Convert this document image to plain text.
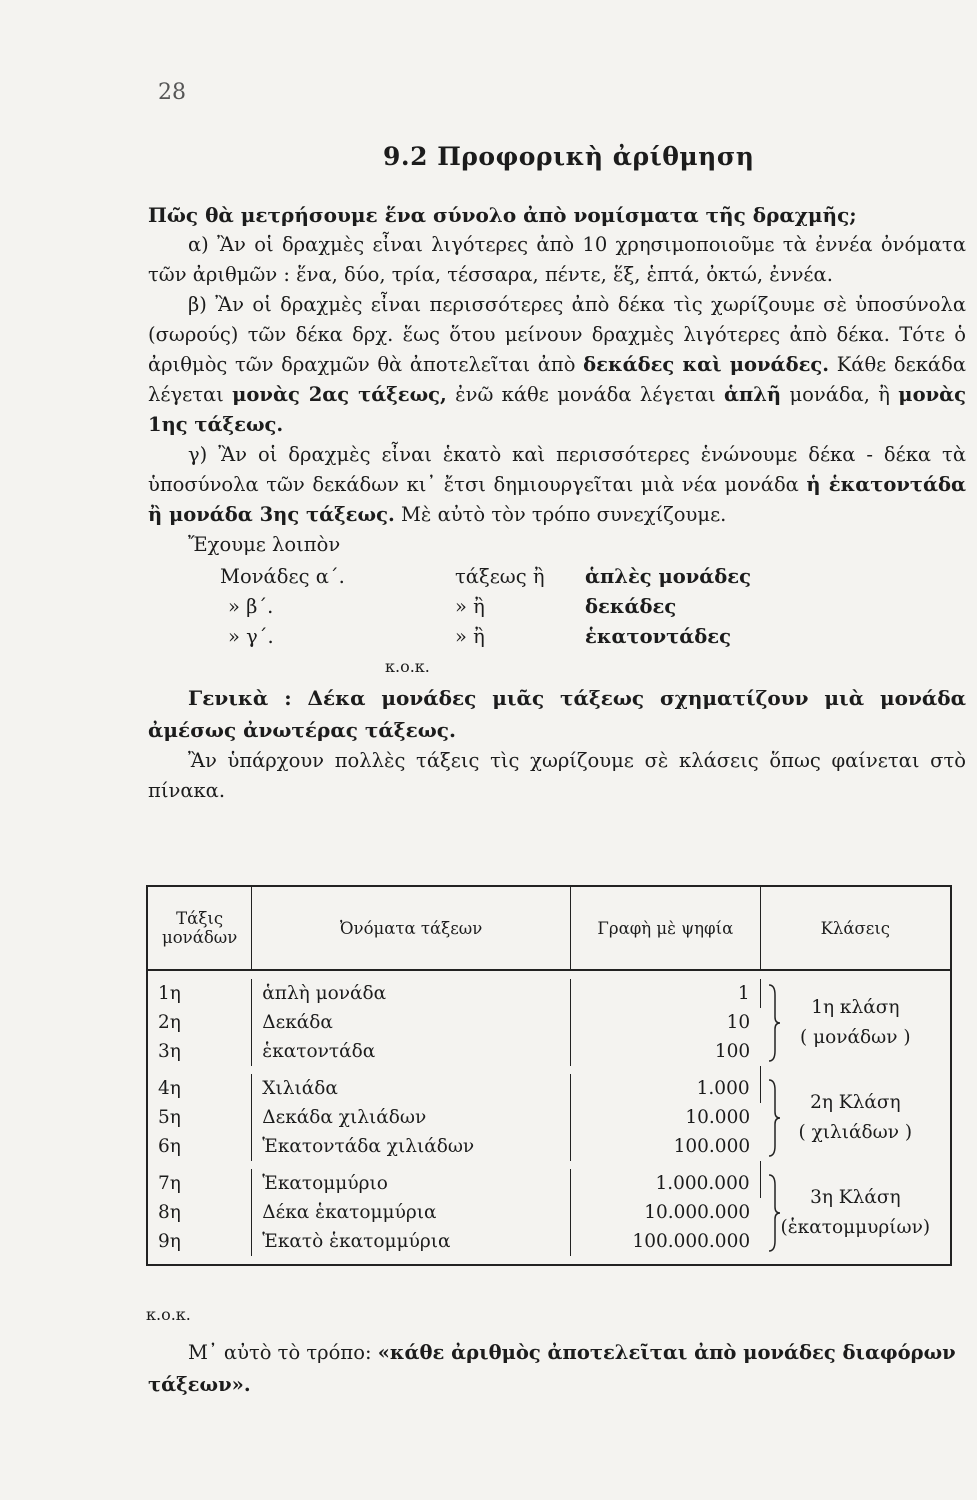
28
9.2 Προφορικὴ ἀρίθμηση

Πῶς θὰ μετρήσουμε ἕνα σύνολο ἀπὸ νομίσματα τῆς δραχμῆς;

α) Ἂν οἱ δραχμὲς εἶναι λιγότερες ἀπὸ 10 χρησιμοποιοῦμε τὰ ἐννέα ὀνόματα τῶν ἀριθμῶν : ἕνα, δύο, τρία, τέσσαρα, πέντε, ἕξ, ἑπτά, ὀκτώ, ἐννέα.

β) Ἂν οἱ δραχμὲς εἶναι περισσότερες ἀπὸ δέκα τὶς χωρίζουμε σὲ ὑποσύνολα (σωρούς) τῶν δέκα δρχ. ἕως ὅτου μείνουν δραχμὲς λιγότερες ἀπὸ δέκα. Τότε ὁ ἀριθμὸς τῶν δραχμῶν θὰ ἀποτελεῖται ἀπὸ δεκάδες καὶ μονάδες. Κάθε δεκάδα λέγεται μονὰς 2ας τάξεως, ἐνῶ κάθε μονάδα λέγεται ἁπλῆ μονάδα, ἢ μονὰς 1ης τάξεως.

γ) Ἂν οἱ δραχμὲς εἶναι ἑκατὸ καὶ περισσότερες ἑνώνουμε δέκα - δέκα τὰ ὑποσύνολα τῶν δεκάδων κι᾽ ἔτσι δημιουργεῖται μιὰ νέα μονάδα ἡ ἑκατοντάδα ἢ μονάδα 3ης τάξεως. Μὲ αὐτὸ τὸν τρόπο συνεχίζουμε.

Ἔχουμε λοιπὸν

Μονάδες α΄.	τάξεως ἢ	ἁπλὲς μονάδες
» β΄.	» ἢ	δεκάδες
» γ΄.	» ἢ	ἑκατοντάδες
κ.ο.κ.

Γενικὰ : Δέκα μονάδες μιᾶς τάξεως σχηματίζουν μιὰ μονάδα ἀμέσως ἀνωτέρας τάξεως.

Ἂν ὑπάρχουν πολλὲς τάξεις τὶς χωρίζουμε σὲ κλάσεις ὅπως φαίνεται στὸ πίνακα.

Τάξις μονάδων	Ὀνόματα τάξεων	Γραφὴ μὲ ψηφία	Κλάσεις

1η	ἁπλὴ μονάδα	1	1η κλάση
( μονάδων )

2η	Δεκάδα	10	
3η	ἑκατοντάδα	100	

4η	Χιλιάδα	1.000	2η Κλάση
( χιλιάδων )

5η	Δεκάδα χιλιάδων	10.000	
6η	Ἑκατοντάδα χιλιάδων	100.000	

7η	Ἑκατομμύριο	1.000.000	3η Κλάση
(ἑκατομμυρίων)

8η	Δέκα ἑκατομμύρια	10.000.000	
9η	Ἑκατὸ ἑκατομμύρια	100.000.000	

κ.ο.κ.
Μ᾽ αὐτὸ τὸ τρόπο: «κάθε ἀριθμὸς ἀποτελεῖται ἀπὸ μονάδες διαφόρων τάξεων».
